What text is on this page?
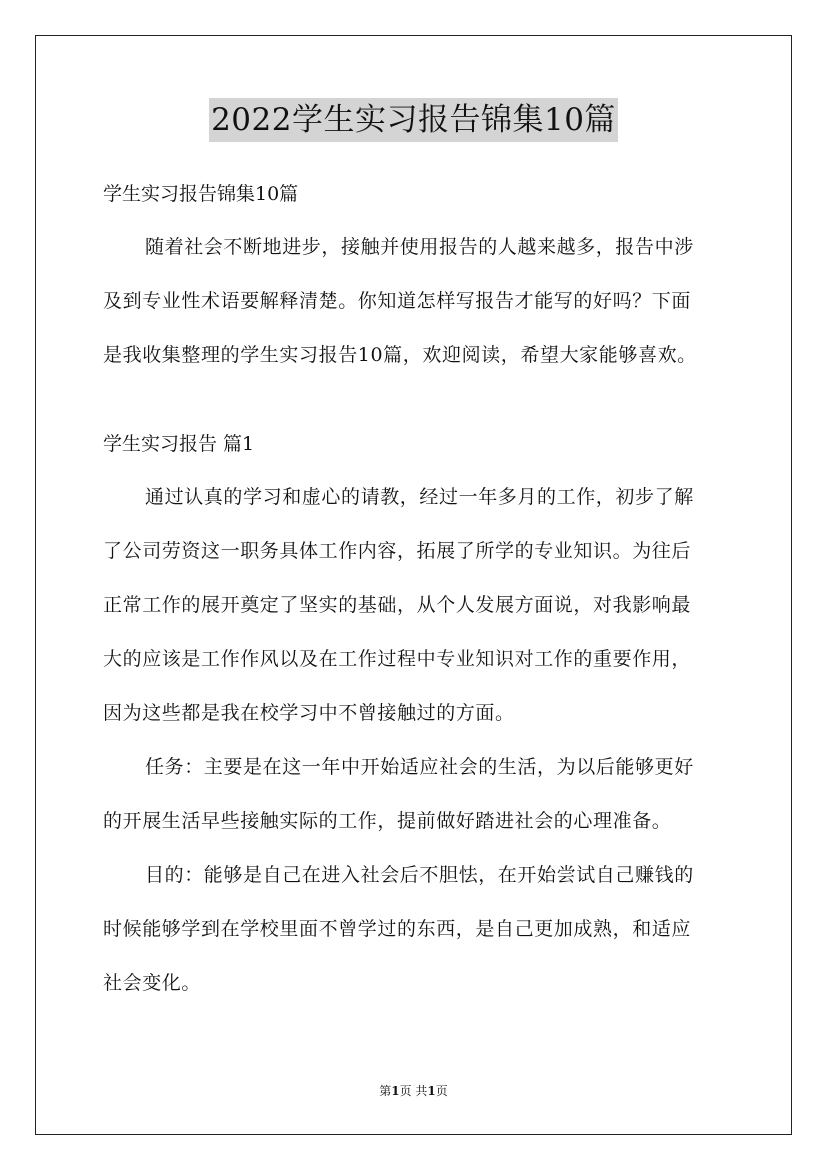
2022学生实习报告锦集10篇
学生实习报告锦集10篇
随着社会不断地进步，接触并使用报告的人越来越多，报告中涉
及到专业性术语要解释清楚。你知道怎样写报告才能写的好吗？下面
是我收集整理的学生实习报告10篇，欢迎阅读，希望大家能够喜欢。
学生实习报告 篇1
通过认真的学习和虚心的请教，经过一年多月的工作，初步了解
了公司劳资这一职务具体工作内容，拓展了所学的专业知识。为往后
正常工作的展开奠定了坚实的基础，从个人发展方面说，对我影响最
大的应该是工作作风以及在工作过程中专业知识对工作的重要作用，
因为这些都是我在校学习中不曾接触过的方面。
任务：主要是在这一年中开始适应社会的生活，为以后能够更好
的开展生活早些接触实际的工作，提前做好踏进社会的心理准备。
目的：能够是自己在进入社会后不胆怯，在开始尝试自己赚钱的
时候能够学到在学校里面不曾学过的东西，是自己更加成熟，和适应
社会变化。
第1页 共1页
